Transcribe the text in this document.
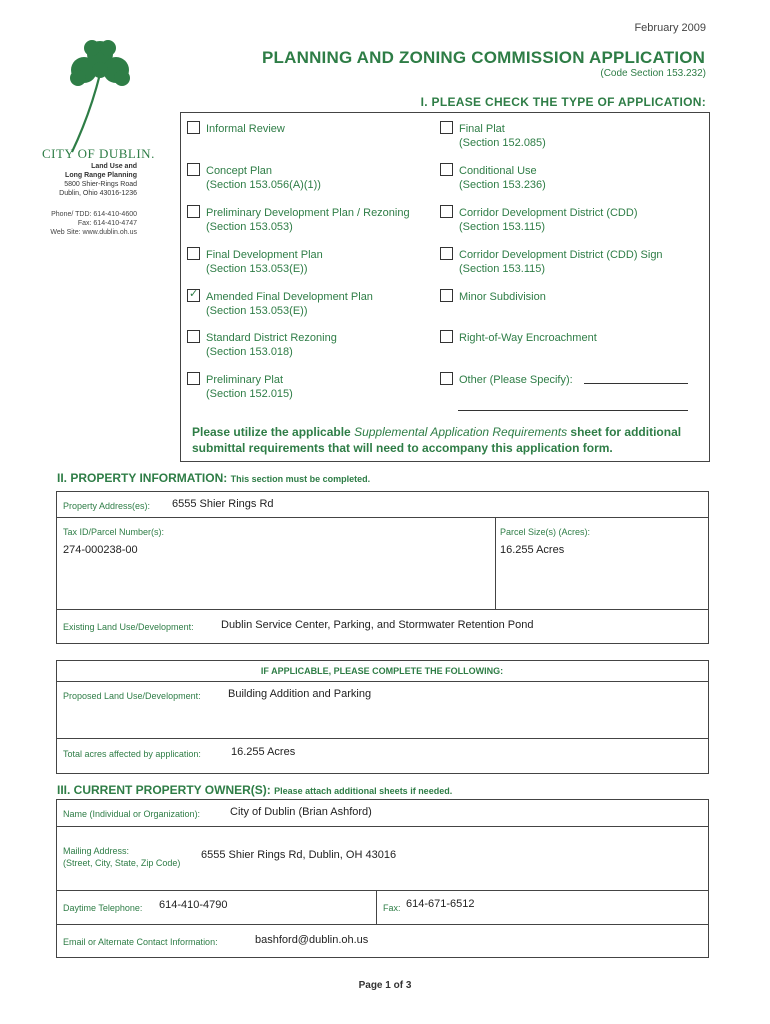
February 2009
PLANNING AND ZONING COMMISSION APPLICATION
(Code Section 153.232)
CITY OF DUBLIN.
Land Use and
Long Range Planning
5800 Shier-Rings Road
Dublin, Ohio 43016-1236
Phone/ TDD: 614-410-4600
Fax: 614-410-4747
Web Site: www.dublin.oh.us
I. PLEASE CHECK THE TYPE OF APPLICATION:
Informal Review
Concept Plan
(Section 153.056(A)(1))
Preliminary Development Plan / Rezoning
(Section 153.053)
Final Development Plan
(Section 153.053(E))
✓Amended Final Development Plan
(Section 153.053(E))
Standard District Rezoning
(Section 153.018)
Preliminary Plat
(Section 152.015)
Final Plat
(Section 152.085)
Conditional Use
(Section 153.236)
Corridor Development District (CDD)
(Section 153.115)
Corridor Development District (CDD) Sign
(Section 153.115)
Minor Subdivision
Right-of-Way Encroachment
Other (Please Specify):
Please utilize the applicable Supplemental Application Requirements sheet for additional submittal requirements that will need to accompany this application form.
II. PROPERTY INFORMATION: This section must be completed.
Property Address(es): 6555 Shier Rings Rd
Tax ID/Parcel Number(s):
274-000238-00
Parcel Size(s) (Acres):
16.255 Acres
Existing Land Use/Development: Dublin Service Center, Parking, and Stormwater Retention Pond
IF APPLICABLE, PLEASE COMPLETE THE FOLLOWING:
Proposed Land Use/Development: Building Addition and Parking
Total acres affected by application:	16.255 Acres
III. CURRENT PROPERTY OWNER(S): Please attach additional sheets if needed.
Name (Individual or Organization):	City of Dublin (Brian Ashford)
Mailing Address:
(Street, City, State, Zip Code)
6555 Shier Rings Rd, Dublin, OH 43016
Daytime Telephone: 614-410-4790	Fax: 614-671-6512
Email or Alternate Contact Information:	bashford@dublin.oh.us
Page 1 of 3
